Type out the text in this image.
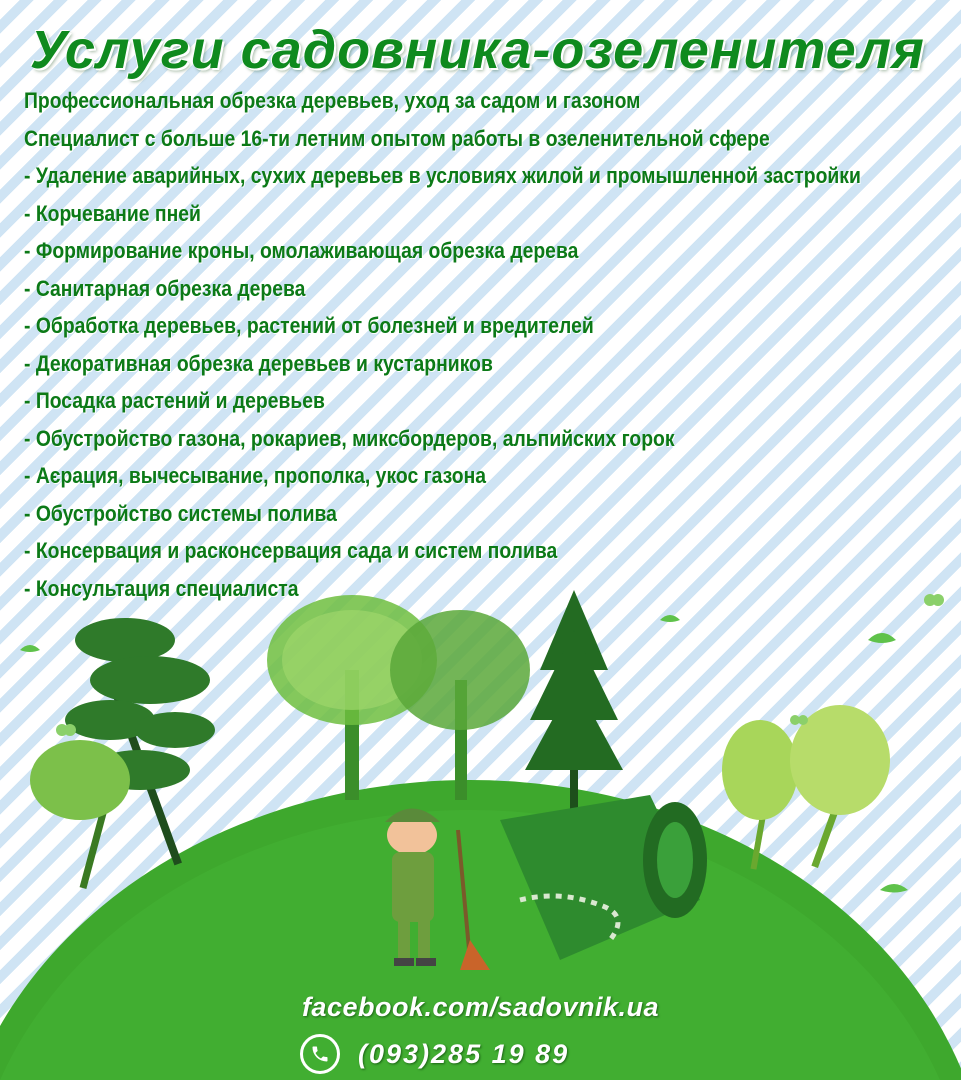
Услуги садовника-озеленителя
Профессиональная обрезка деревьев, уход за садом и газоном
Специалист с больше 16-ти летним опытом работы в озеленительной сфере
- Удаление аварийных, сухих деревьев в условиях жилой и промышленной застройки
- Корчевание пней
- Формирование кроны, омолаживающая обрезка дерева
- Санитарная обрезка дерева
- Обработка деревьев, растений от болезней и вредителей
- Декоративная обрезка деревьев и кустарников
- Посадка растений и деревьев
- Обустройство газона, рокариев, миксбордеров, альпийских горок
- Аєрация, вычесывание, прополка, укос газона
- Обустройство системы полива
- Консервация и расконсервация сада и систем полива
- Консультация специалиста
facebook.com/sadovnik.ua
(093)285 19 89
